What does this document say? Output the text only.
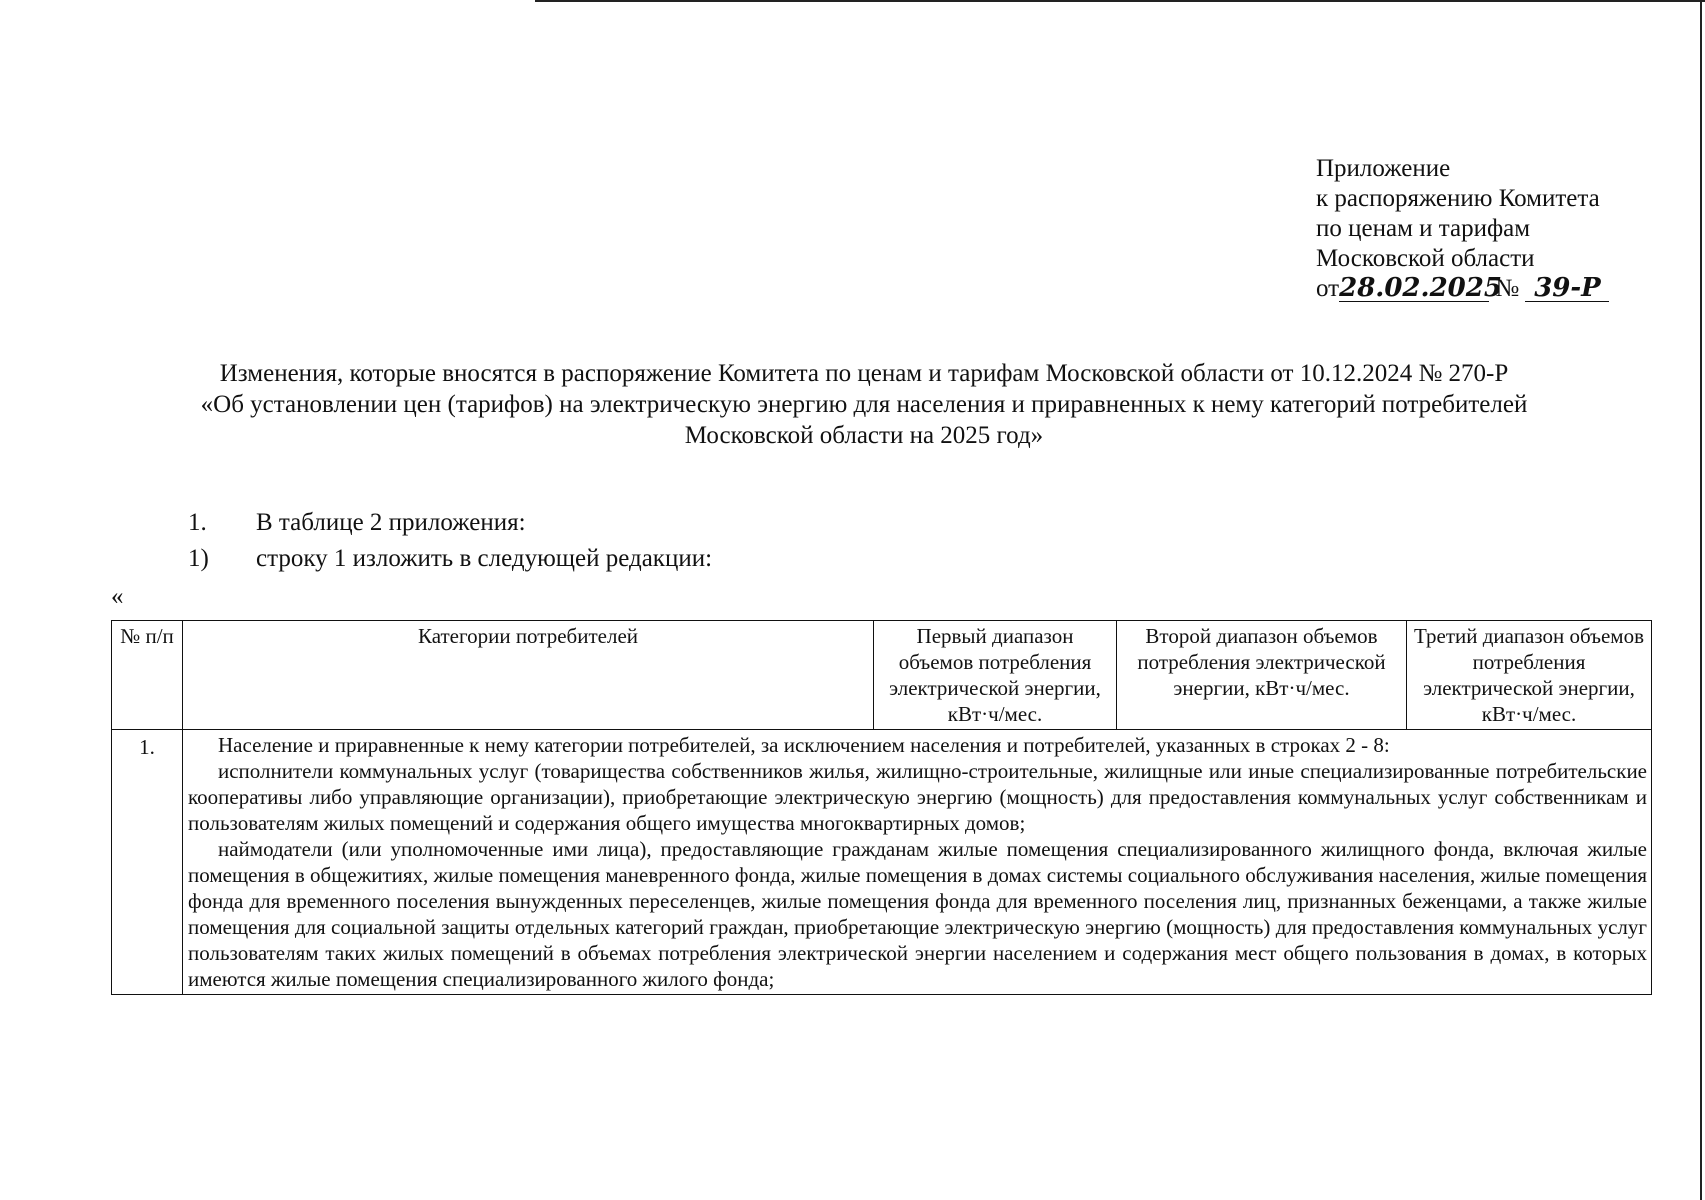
Приложение
к распоряжению Комитета
по ценам и тарифам
Московской области
от28.02.2025 № 39-Р
Изменения, которые вносятся в распоряжение Комитета по ценам и тарифам Московской области от 10.12.2024 № 270-Р
«Об установлении цен (тарифов) на электрическую энергию для населения и приравненных к нему категорий потребителей
Московской области на 2025 год»
1. В таблице 2 приложения:
1) строку 1 изложить в следующей редакции:
«
№ п/п	Категории потребителей	Первый диапазон объемов потребления электрической энергии, кВт·ч/мес.	Второй диапазон объемов потребления электрической энергии, кВт·ч/мес.	Третий диапазон объемов потребления электрической энергии, кВт·ч/мес.
1.	Население и приравненные к нему категории потребителей, за исключением населения и потребителей, указанных в строках 2 - 8:

исполнители коммунальных услуг (товарищества собственников жилья, жилищно-строительные, жилищные или иные специализированные потребительские кооперативы либо управляющие организации), приобретающие электрическую энергию (мощность) для предоставления коммунальных услуг собственникам и пользователям жилых помещений и содержания общего имущества многоквартирных домов;

наймодатели (или уполномоченные ими лица), предоставляющие гражданам жилые помещения специализированного жилищного фонда, включая жилые помещения в общежитиях, жилые помещения маневренного фонда, жилые помещения в домах системы социального обслуживания населения, жилые помещения фонда для временного поселения вынужденных переселенцев, жилые помещения фонда для временного поселения лиц, признанных беженцами, а также жилые помещения для социальной защиты отдельных категорий граждан, приобретающие электрическую энергию (мощность) для предоставления коммунальных услуг пользователям таких жилых помещений в объемах потребления электрической энергии населением и содержания мест общего пользования в домах, в которых имеются жилые помещения специализированного жилого фонда;			
